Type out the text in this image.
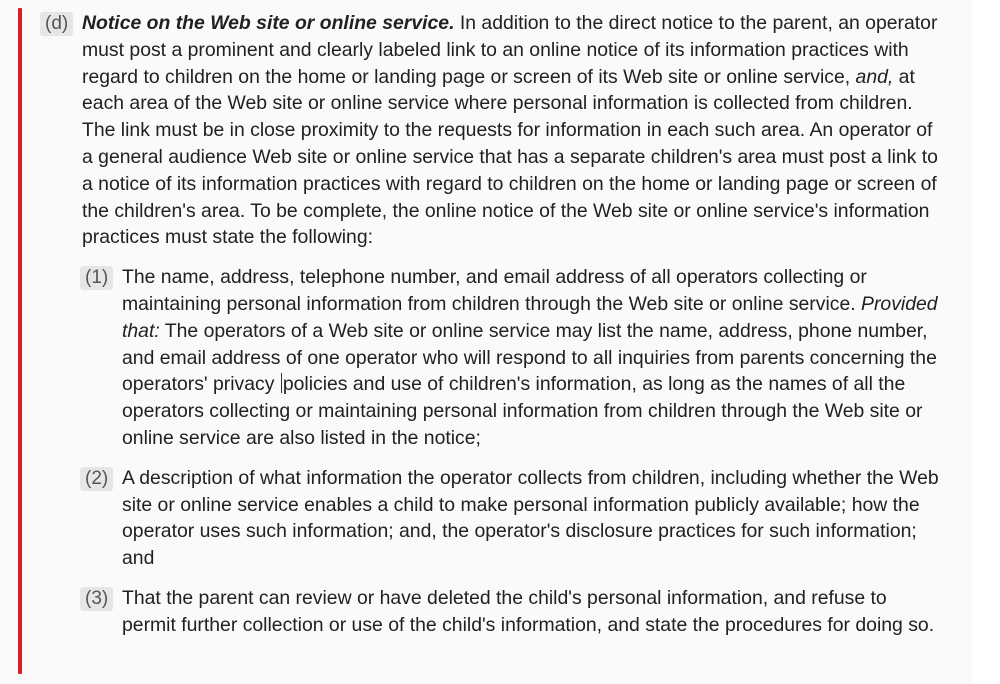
(d) Notice on the Web site or online service. In addition to the direct notice to the parent, an operator must post a prominent and clearly labeled link to an online notice of its information practices with regard to children on the home or landing page or screen of its Web site or online service, and, at each area of the Web site or online service where personal information is collected from children. The link must be in close proximity to the requests for information in each such area. An operator of a general audience Web site or online service that has a separate children's area must post a link to a notice of its information practices with regard to children on the home or landing page or screen of the children's area. To be complete, the online notice of the Web site or online service's information practices must state the following:
(1) The name, address, telephone number, and email address of all operators collecting or maintaining personal information from children through the Web site or online service. Provided that: The operators of a Web site or online service may list the name, address, phone number, and email address of one operator who will respond to all inquiries from parents concerning the operators' privacy policies and use of children's information, as long as the names of all the operators collecting or maintaining personal information from children through the Web site or online service are also listed in the notice;
(2) A description of what information the operator collects from children, including whether the Web site or online service enables a child to make personal information publicly available; how the operator uses such information; and, the operator's disclosure practices for such information; and
(3) That the parent can review or have deleted the child's personal information, and refuse to permit further collection or use of the child's information, and state the procedures for doing so.
